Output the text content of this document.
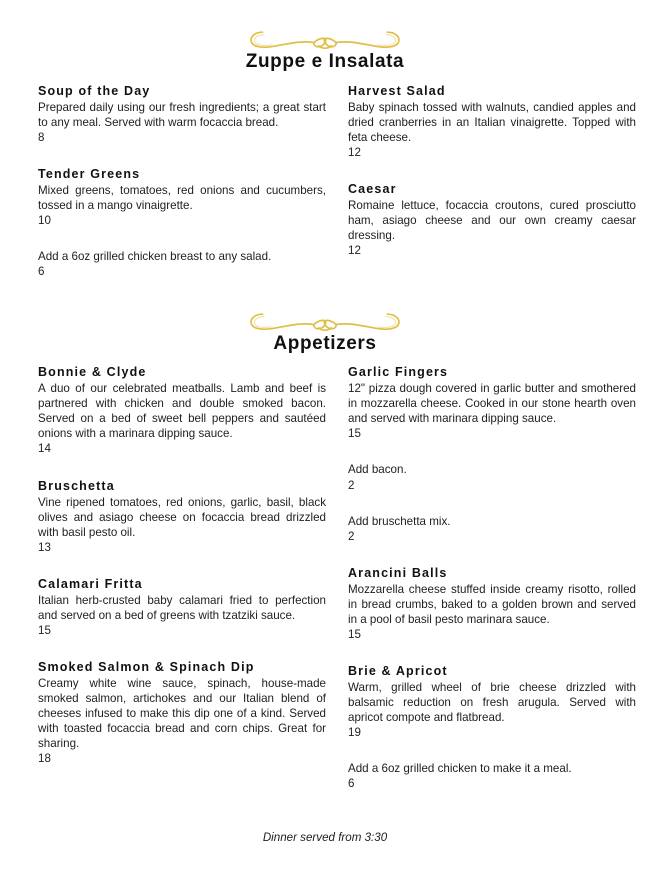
Zuppe e Insalata
Soup of the Day
Prepared daily using our fresh ingredients; a great start to any meal. Served with warm focaccia bread.
8
Tender Greens
Mixed greens, tomatoes, red onions and cucumbers, tossed in a mango vinaigrette.
10
Add a 6oz grilled chicken breast to any salad.
6
Harvest Salad
Baby spinach tossed with walnuts, candied apples and dried cranberries in an Italian vinaigrette. Topped with feta cheese.
12
Caesar
Romaine lettuce, focaccia croutons, cured prosciutto ham, asiago cheese and our own creamy caesar dressing.
12
Appetizers
Bonnie & Clyde
A duo of our celebrated meatballs. Lamb and beef is partnered with chicken and double smoked bacon. Served on a bed of sweet bell peppers and sautéed onions with a marinara dipping sauce.
14
Bruschetta
Vine ripened tomatoes, red onions, garlic, basil, black olives and asiago cheese on focaccia bread drizzled with basil pesto oil.
13
Calamari Fritta
Italian herb-crusted baby calamari fried to perfection and served on a bed of greens with tzatziki sauce.
15
Smoked Salmon & Spinach Dip
Creamy white wine sauce, spinach, house-made smoked salmon, artichokes and our Italian blend of cheeses infused to make this dip one of a kind. Served with toasted focaccia bread and corn chips. Great for sharing.
18
Garlic Fingers
12" pizza dough covered in garlic butter and smothered in mozzarella cheese. Cooked in our stone hearth oven and served with marinara dipping sauce.
15
Add bacon.
2
Add bruschetta mix.
2
Arancini Balls
Mozzarella cheese stuffed inside creamy risotto, rolled in bread crumbs, baked to a golden brown and served in a pool of basil pesto marinara sauce.
15
Brie & Apricot
Warm, grilled wheel of brie cheese drizzled with balsamic reduction on fresh arugula. Served with apricot compote and flatbread.
19
Add a 6oz grilled chicken to make it a meal.
6
Dinner served from 3:30
